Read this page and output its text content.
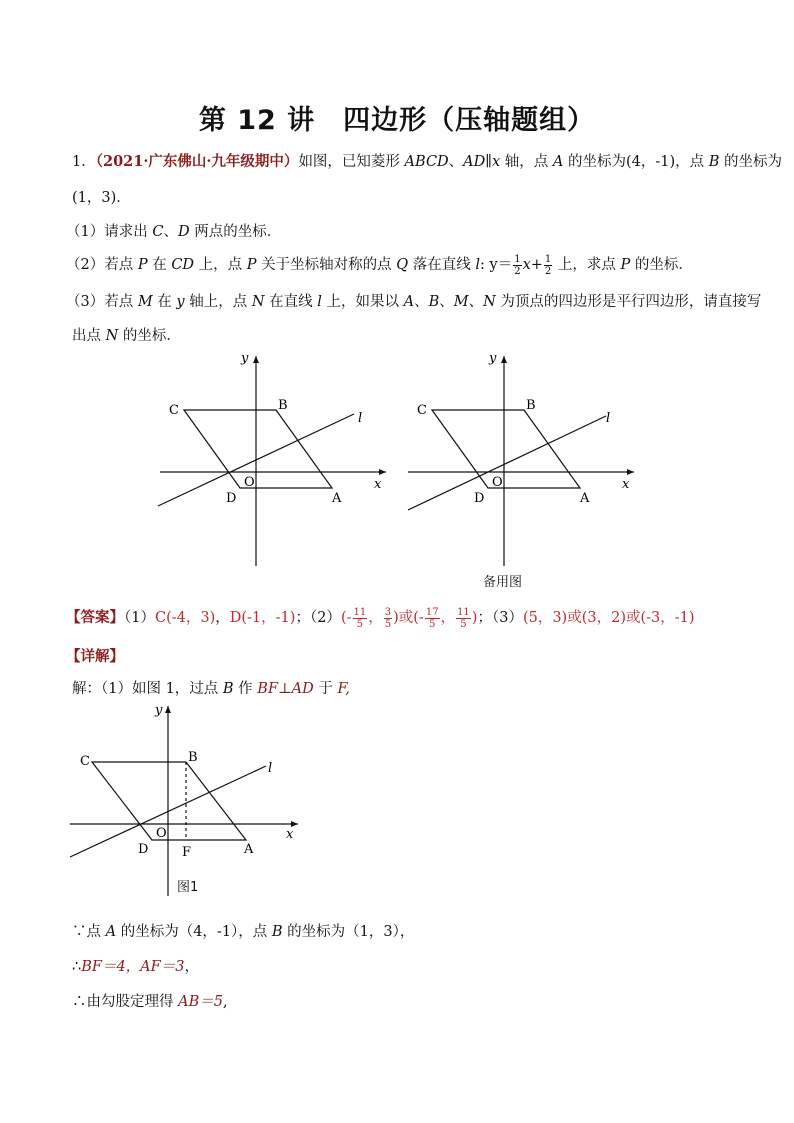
第 12 讲　四边形（压轴题组）
1．（2021·广东佛山·九年级期中）如图，已知菱形 ABCD、AD∥x 轴，点 A 的坐标为(4，-1)，点 B 的坐标为
(1，3)．
（1）请求出 C、D 两点的坐标．
（2）若点 P 在 CD 上，点 P 关于坐标轴对称的点 Q 落在直线 l: $y= \frac{1}{2} x+ \frac{1}{2}$ 上，求点 P 的坐标．
（3）若点 M 在 y 轴上，点 N 在直线 l 上，如果以 A、B、M、N 为顶点的四边形是平行四边形，请直接写
出点 N 的坐标．
C	B
D
O
A
x
y
l
C	B
D
O
A
x
y
l
备用图
【答案】（1）C(-4，3)，D(-1，-1)；$(2)(- \frac{11}{5}$ ， $\frac{3}{5}$ )或(- $\frac{17}{5}$ ， $\frac{11}{5}$ )；（3）(5，3)或(3，2)或(-3，-1)
【详解】
解：（1）如图 1，过点 B 作 BF⊥AD 于 F,
C	B
D
O
F	A
x
y
l
图1
∵点 A 的坐标为（4，-1），点 B 的坐标为（1，3），
∴BF＝4，AF＝3，
∴由勾股定理得 AB＝5,
